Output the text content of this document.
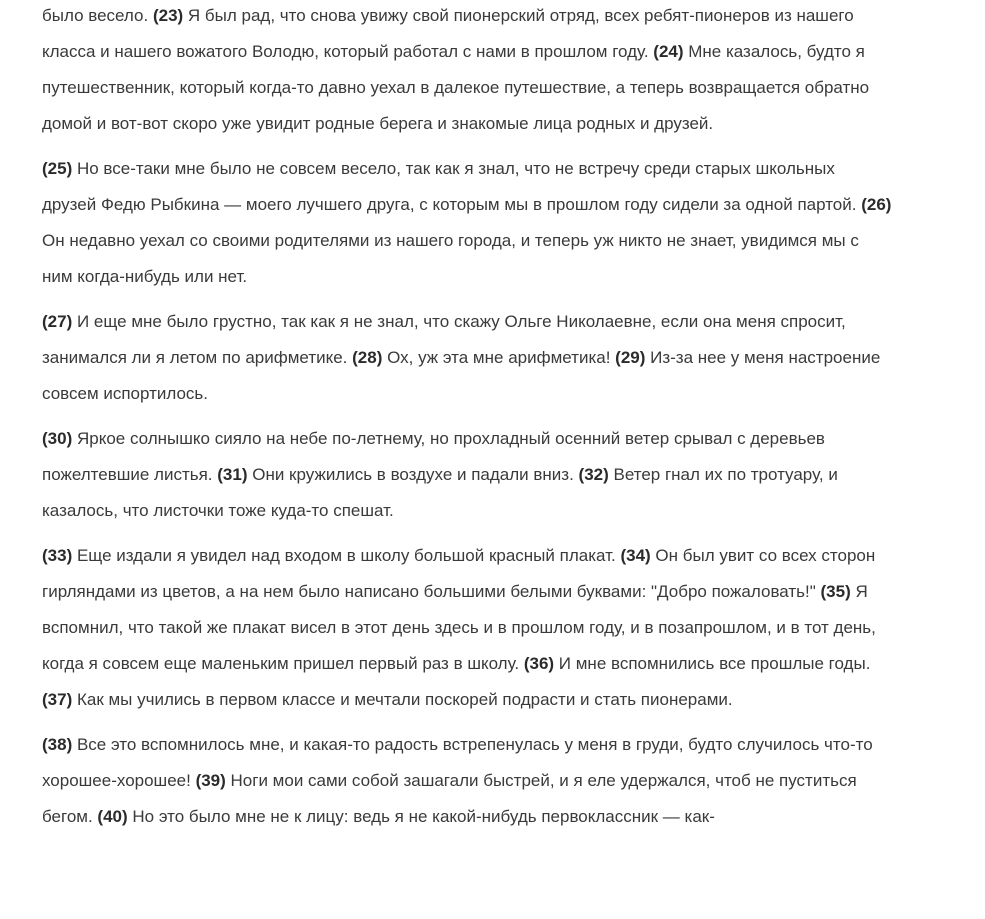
было весело. (23) Я был рад, что снова увижу свой пионерский отряд, всех ребят-пионеров из нашего класса и нашего вожатого Володю, который работал с нами в прошлом году. (24) Мне казалось, будто я путешественник, который когда-то давно уехал в далекое путешествие, а теперь возвращается обратно домой и вот-вот скоро уже увидит родные берега и знакомые лица родных и друзей.

(25) Но все-таки мне было не совсем весело, так как я знал, что не встречу среди старых школьных друзей Федю Рыбкина — моего лучшего друга, с которым мы в прошлом году сидели за одной партой. (26) Он недавно уехал со своими родителями из нашего города, и теперь уж никто не знает, увидимся мы с ним когда-нибудь или нет.

(27) И еще мне было грустно, так как я не знал, что скажу Ольге Николаевне, если она меня спросит, занимался ли я летом по арифметике. (28) Ох, уж эта мне арифметика! (29) Из-за нее у меня настроение совсем испортилось.

(30) Яркое солнышко сияло на небе по-летнему, но прохладный осенний ветер срывал с деревьев пожелтевшие листья. (31) Они кружились в воздухе и падали вниз. (32) Ветер гнал их по тротуару, и казалось, что листочки тоже куда-то спешат.

(33) Еще издали я увидел над входом в школу большой красный плакат. (34) Он был увит со всех сторон гирляндами из цветов, а на нем было написано большими белыми буквами: "Добро пожаловать!" (35) Я вспомнил, что такой же плакат висел в этот день здесь и в прошлом году, и в позапрошлом, и в тот день, когда я совсем еще маленьким пришел первый раз в школу. (36) И мне вспомнились все прошлые годы. (37) Как мы учились в первом классе и мечтали поскорей подрасти и стать пионерами.

(38) Все это вспомнилось мне, и какая-то радость встрепенулась у меня в груди, будто случилось что-то хорошее-хорошее! (39) Ноги мои сами собой зашагали быстрей, и я еле удержался, чтоб не пуститься бегом. (40) Но это было мне не к лицу: ведь я не какой-нибудь первоклассник — как-
